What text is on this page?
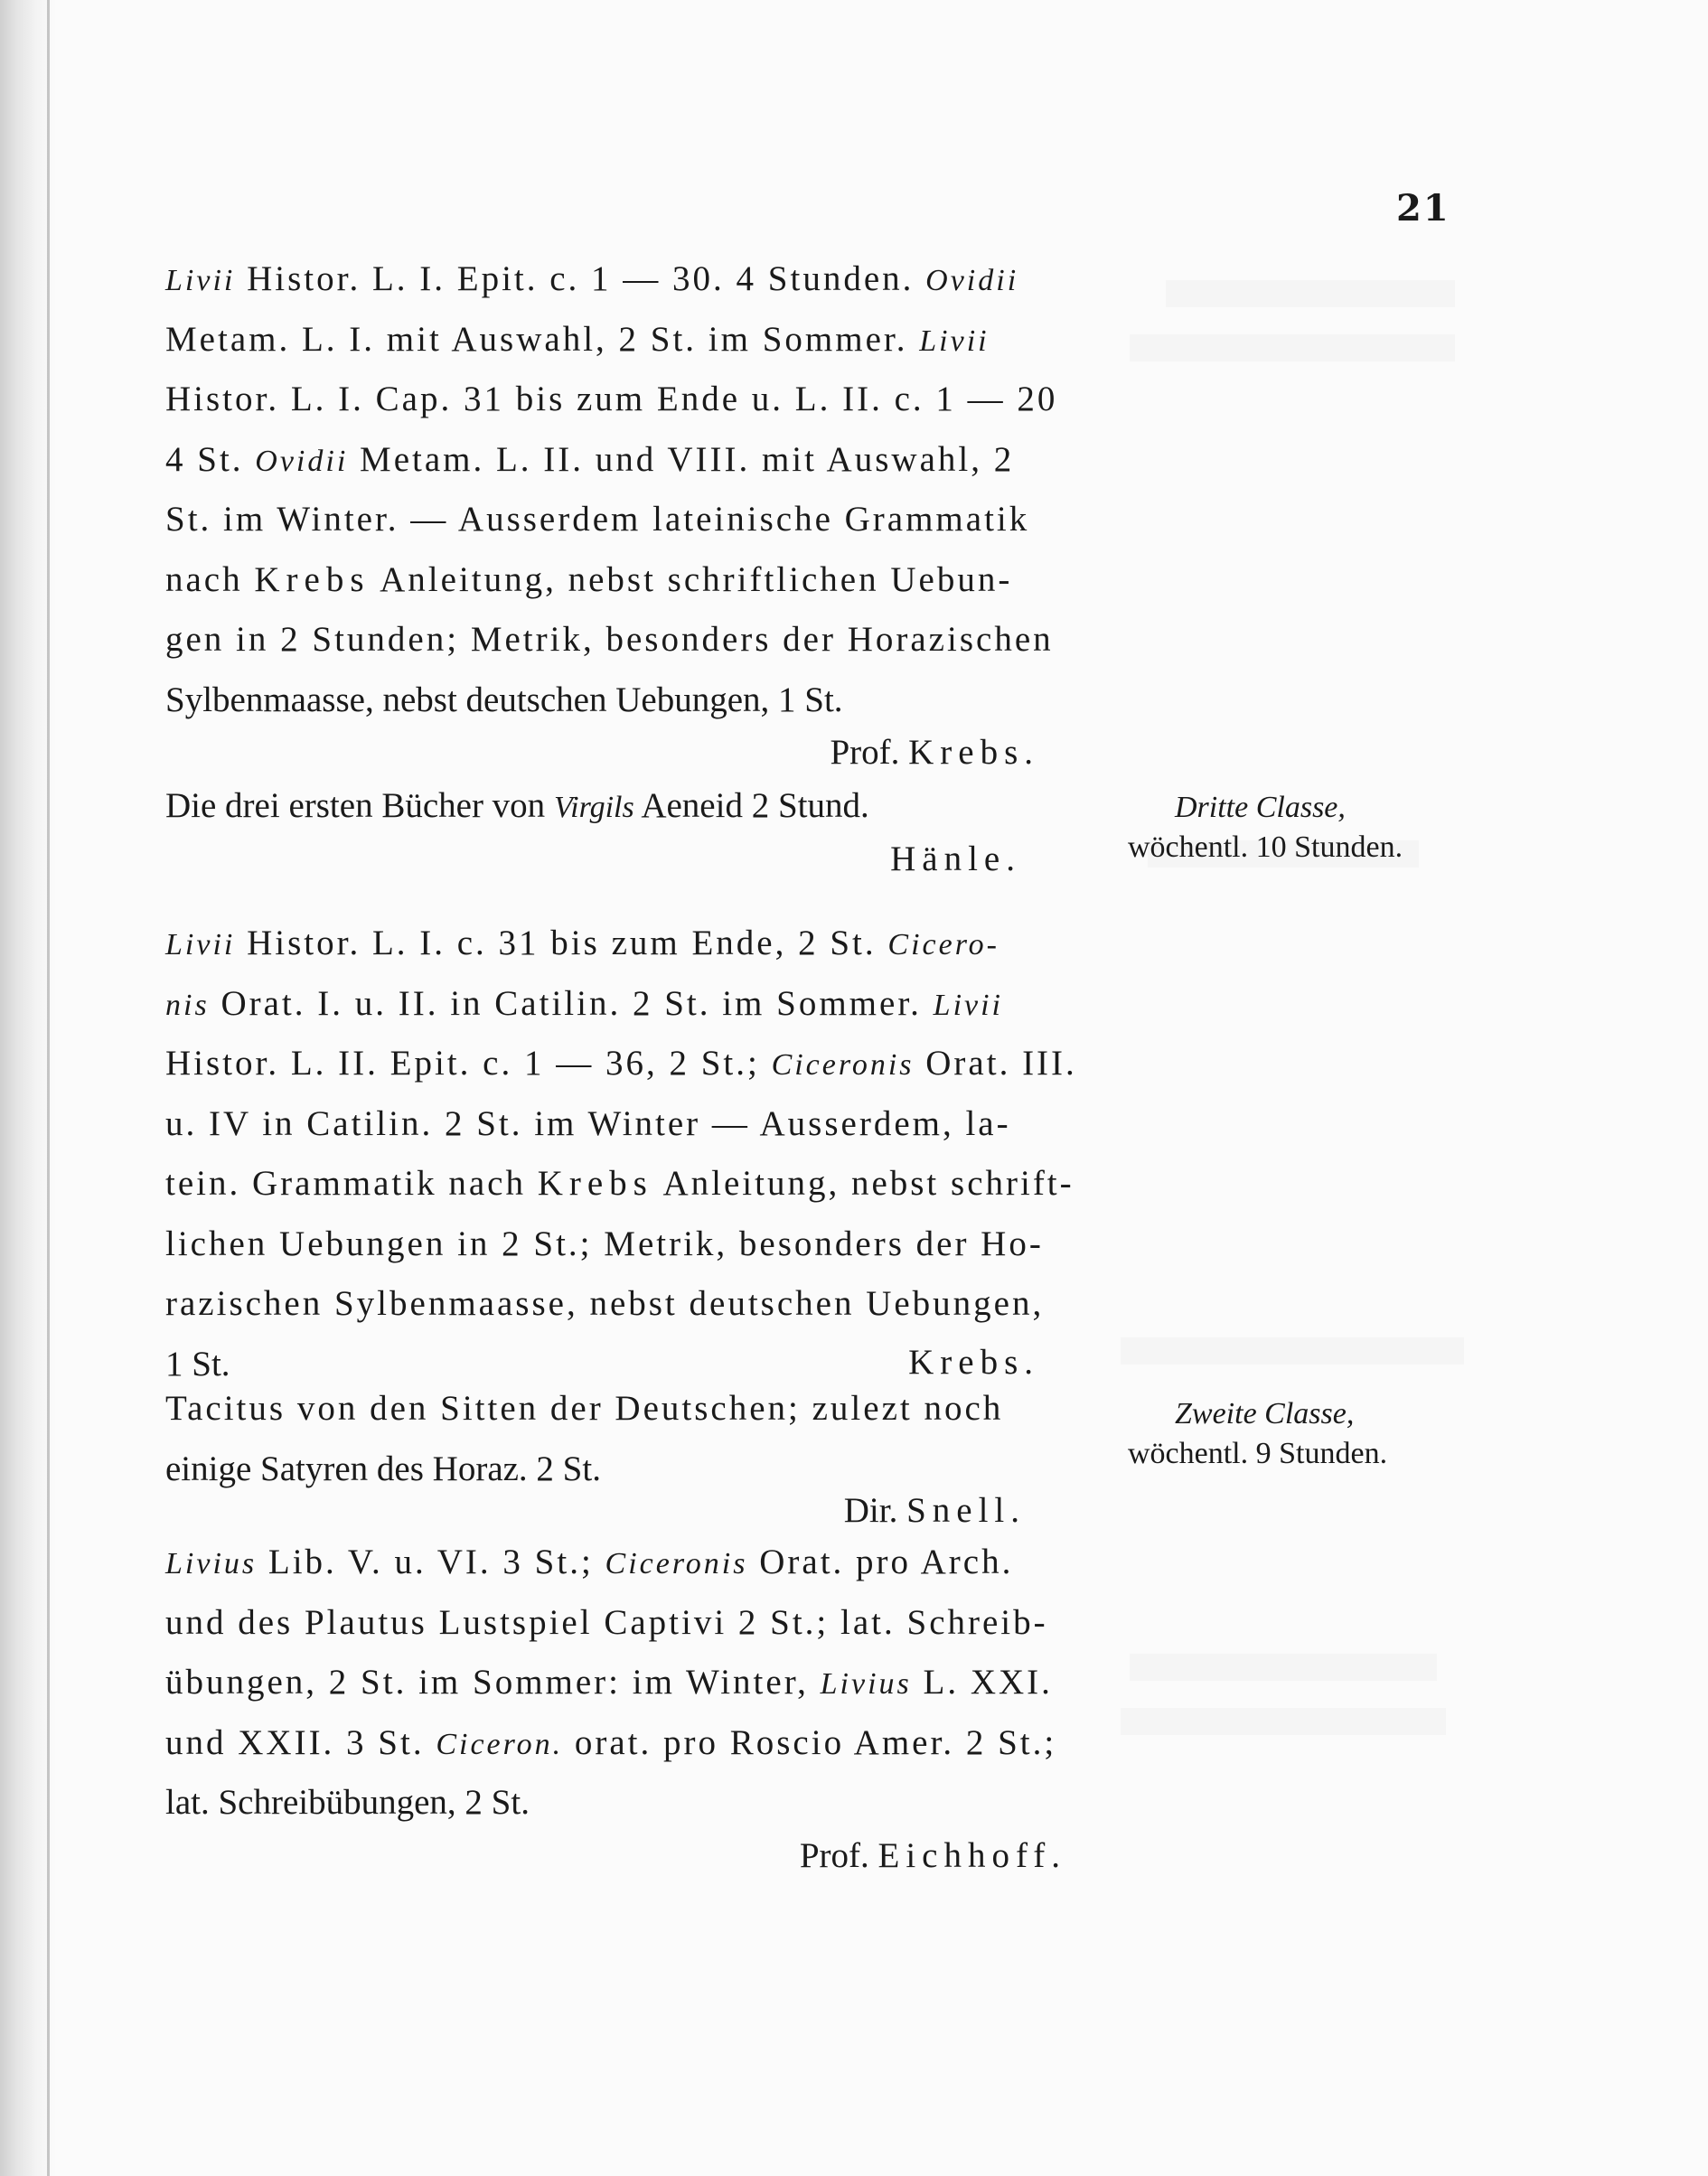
21
Livii Histor. L. I. Epit. c. 1 — 30. 4 Stunden. Ovidii
Metam. L. I. mit Auswahl, 2 St. im Sommer. Livii
Histor. L. I. Cap. 31 bis zum Ende u. L. II. c. 1 — 20
4 St. Ovidii Metam. L. II. und VIII. mit Auswahl, 2
St. im Winter. — Ausserdem lateinische Grammatik
nach Krebs Anleitung, nebst schriftlichen Uebun-
gen in 2 Stunden; Metrik, besonders der Horazischen
Sylbenmaasse, nebst deutschen Uebungen, 1 St.
Prof. Krebs.
Die drei ersten Bücher von Virgils Aeneid 2 Stund.
Hänle.
Livii Histor. L. I. c. 31 bis zum Ende, 2 St. Cicero-
nis Orat. I. u. II. in Catilin. 2 St. im Sommer. Livii
Histor. L. II. Epit. c. 1 — 36, 2 St.; Ciceronis Orat. III.
u. IV in Catilin. 2 St. im Winter — Ausserdem, la-
tein. Grammatik nach Krebs Anleitung, nebst schrift-
lichen Uebungen in 2 St.; Metrik, besonders der Ho-
razischen Sylbenmaasse, nebst deutschen Uebungen,
1 St.	Krebs.
Tacitus von den Sitten der Deutschen; zulezt noch
einige Satyren des Horaz. 2 St.
Dir. Snell.
Livius Lib. V. u. VI. 3 St.; Ciceronis Orat. pro Arch.
und des Plautus Lustspiel Captivi 2 St.; lat. Schreib-
übungen, 2 St. im Sommer: im Winter, Livius L. XXI.
und XXII. 3 St. Ciceron. orat. pro Roscio Amer. 2 St.;
lat. Schreibübungen, 2 St.
Prof. Eichhoff.
Dritte Classe,
wöchentl. 10 Stunden.
Zweite Classe,
wöchentl. 9 Stunden.
